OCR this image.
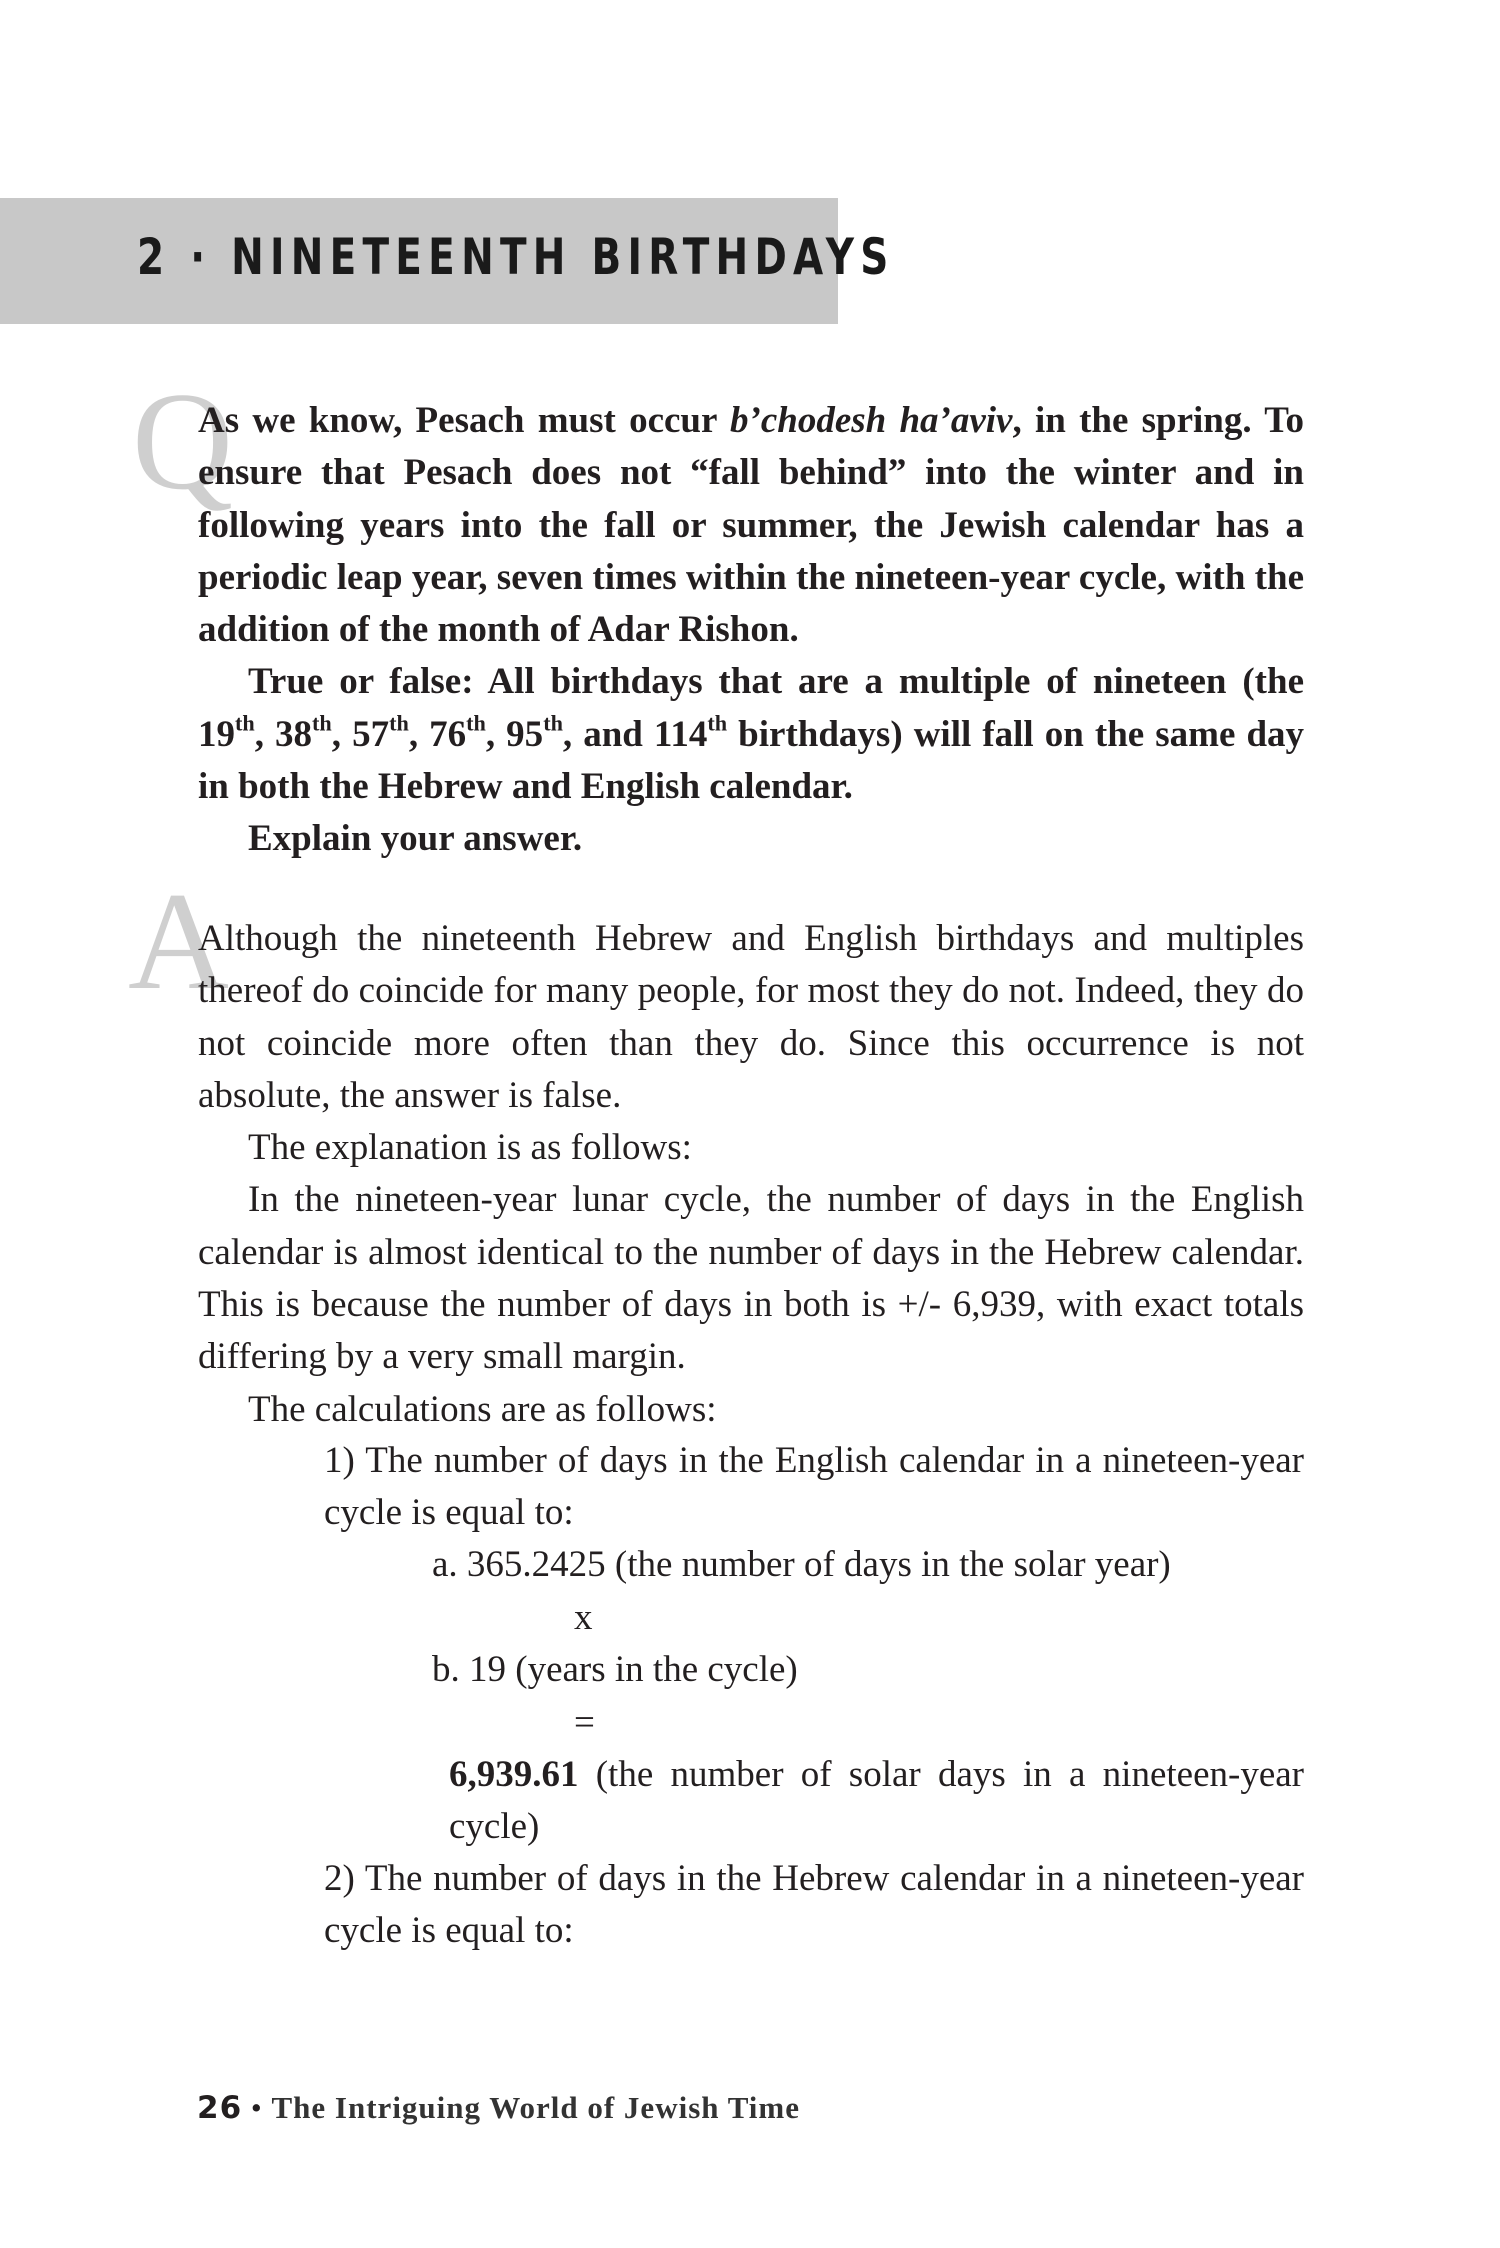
2 · NINETEENTH BIRTHDAYS
Q

As we know, Pesach must occur b’chodesh ha’aviv, in the spring. To ensure that Pesach does not “fall behind” into the winter and in following years into the fall or summer, the Jewish calendar has a periodic leap year, seven times within the nineteen-year cycle, with the addition of the month of Adar Rishon.

True or false: All birthdays that are a multiple of nineteen (the 19th, 38th, 57th, 76th, 95th, and 114th birthdays) will fall on the same day in both the Hebrew and English calendar.

Explain your answer.

A

Although the nineteenth Hebrew and English birthdays and multiples thereof do coincide for many people, for most they do not. Indeed, they do not coincide more often than they do. Since this occurrence is not absolute, the answer is false.

The explanation is as follows:

In the nineteen-year lunar cycle, the number of days in the English calendar is almost identical to the number of days in the Hebrew calendar. This is because the number of days in both is +/- 6,939, with exact totals differing by a very small margin.

The calculations are as follows:

1) The number of days in the English calendar in a nineteen-year cycle is equal to:
a. 365.2425 (the number of days in the solar year)
x
b. 19 (years in the cycle)
=
6,939.61 (the number of solar days in a nineteen-year cycle)
2) The number of days in the Hebrew calendar in a nineteen-year cycle is equal to:
26 • The Intriguing World of Jewish Time
